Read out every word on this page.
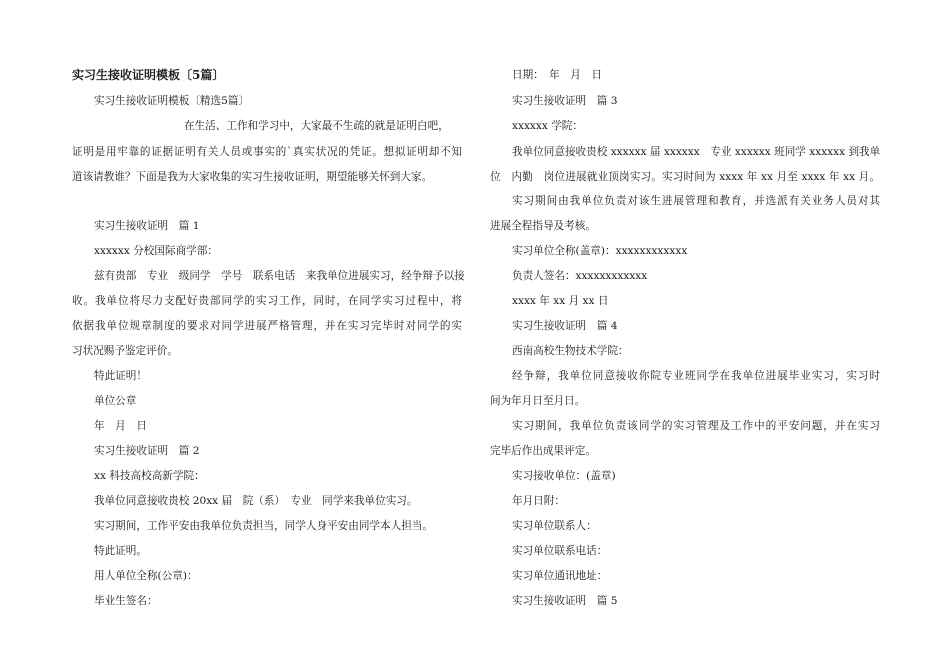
实习生接收证明模板〔5篇〕
实习生接收证明模板〔精选5篇〕
在生活、工作和学习中，大家最不生疏的就是证明白吧，
证明是用牢靠的证据证明有关人员或事实的`真实状况的凭证。想拟证明却不知
道该请教谁？下面是我为大家收集的实习生接收证明，期望能够关怀到大家。
实习生接收证明　篇 1
xxxxxx 分校国际商学部：
兹有贵部　专业　级同学　学号　联系电话　来我单位进展实习，经争辩予以接
收。我单位将尽力支配好贵部同学的实习工作，同时，在同学实习过程中，将
依据我单位规章制度的要求对同学进展严格管理，并在实习完毕时对同学的实
习状况赐予鉴定评价。
特此证明！
单位公章
年　月　日
实习生接收证明　篇 2
xx 科技高校高新学院：
我单位同意接收贵校 20xx 届　院（系）　专业　同学来我单位实习。
实习期间，工作平安由我单位负责担当，同学人身平安由同学本人担当。
特此证明。
用人单位全称(公章)：
毕业生签名：
日期：　年　月　日
实习生接收证明　篇 3
xxxxxx 学院：
我单位同意接收贵校 xxxxxx 届 xxxxxx　专业 xxxxxx 班同学 xxxxxx 到我单
位　内勤　岗位进展就业顶岗实习。实习时间为 xxxx 年 xx 月至 xxxx 年 xx 月。
实习期间由我单位负责对该生进展管理和教育，并选派有关业务人员对其
进展全程指导及考核。
实习单位全称(盖章)：xxxxxxxxxxxx
负责人签名：xxxxxxxxxxxx
xxxx 年 xx 月 xx 日
实习生接收证明　篇 4
西南高校生物技术学院：
经争辩，我单位同意接收你院专业班同学在我单位进展毕业实习，实习时
间为年月日至月日。
实习期间，我单位负责该同学的实习管理及工作中的平安问题，并在实习
完毕后作出成果评定。
实习接收单位：(盖章)
年月日附：
实习单位联系人：
实习单位联系电话：
实习单位通讯地址：
实习生接收证明　篇 5
